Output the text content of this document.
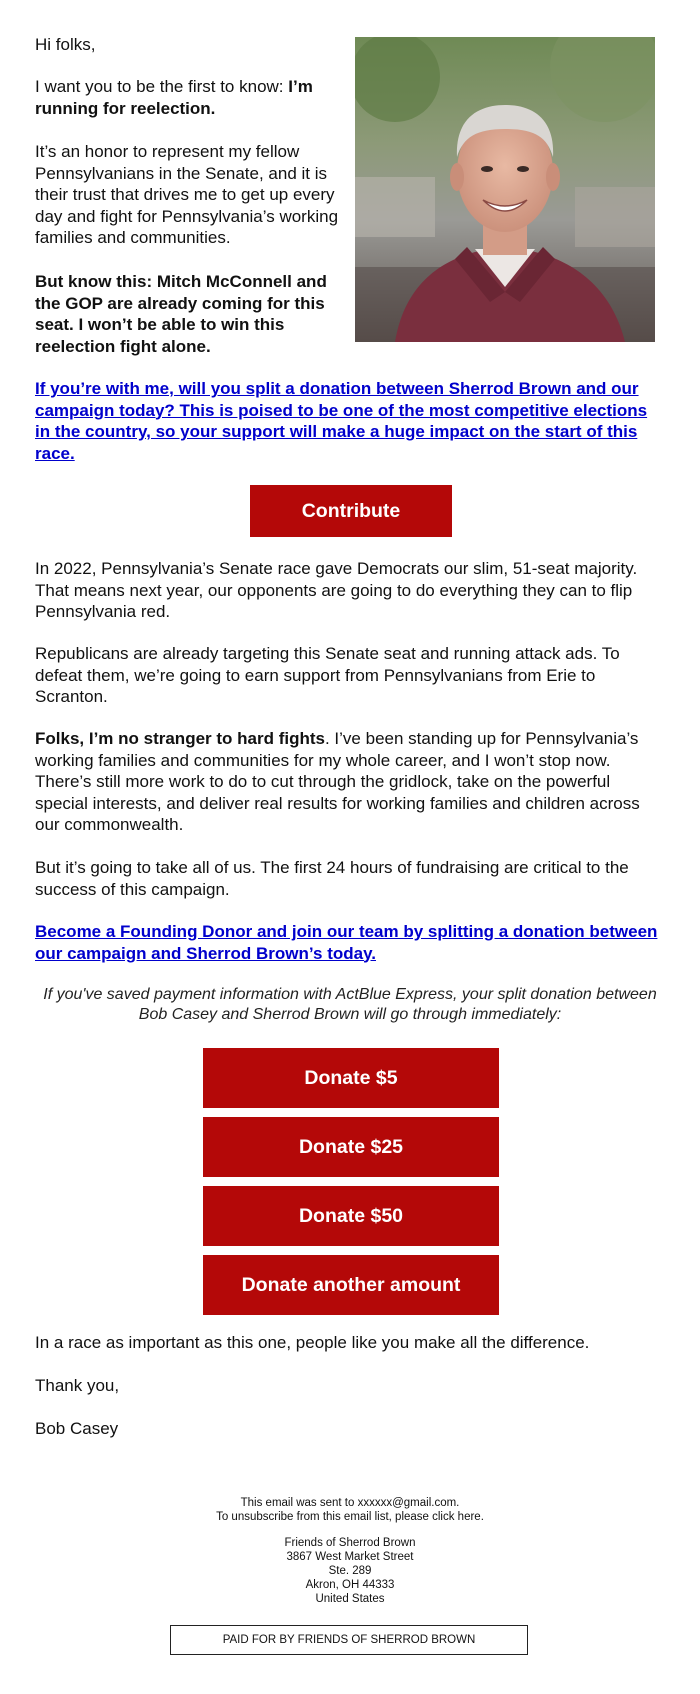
Hi folks,

I want you to be the first to know: I’m running for reelection.

It’s an honor to represent my fellow Pennsylvanians in the Senate, and it is their trust that drives me to get up every day and fight for Pennsylvania’s working families and communities.

But know this: Mitch McConnell and the GOP are already coming for this seat. I won’t be able to win this reelection fight alone.

If you’re with me, will you split a donation between Sherrod Brown and our campaign today? This is poised to be one of the most competitive elections in the country, so your support will make a huge impact on the start of this race.

Contribute

In 2022, Pennsylvania’s Senate race gave Democrats our slim, 51-seat majority. That means next year, our opponents are going to do everything they can to flip Pennsylvania red.

Republicans are already targeting this Senate seat and running attack ads. To defeat them, we’re going to earn support from Pennsylvanians from Erie to Scranton.

Folks, I’m no stranger to hard fights. I’ve been standing up for Pennsylvania’s working families and communities for my whole career, and I won’t stop now. There’s still more work to do to cut through the gridlock, take on the powerful special interests, and deliver real results for working families and children across our commonwealth.

But it’s going to take all of us. The first 24 hours of fundraising are critical to the success of this campaign.

Become a Founding Donor and join our team by splitting a donation between our campaign and Sherrod Brown’s today.

If you've saved payment information with ActBlue Express, your split donation between Bob Casey and Sherrod Brown will go through immediately:

Donate $5
Donate $25
Donate $50
Donate another amount

In a race as important as this one, people like you make all the difference.

Thank you,

Bob Casey

This email was sent to xxxxxx@gmail.com.
To unsubscribe from this email list, please click here.
Friends of Sherrod Brown
3867 West Market Street
Ste. 289
Akron, OH 44333
United States
PAID FOR BY FRIENDS OF SHERROD BROWN
